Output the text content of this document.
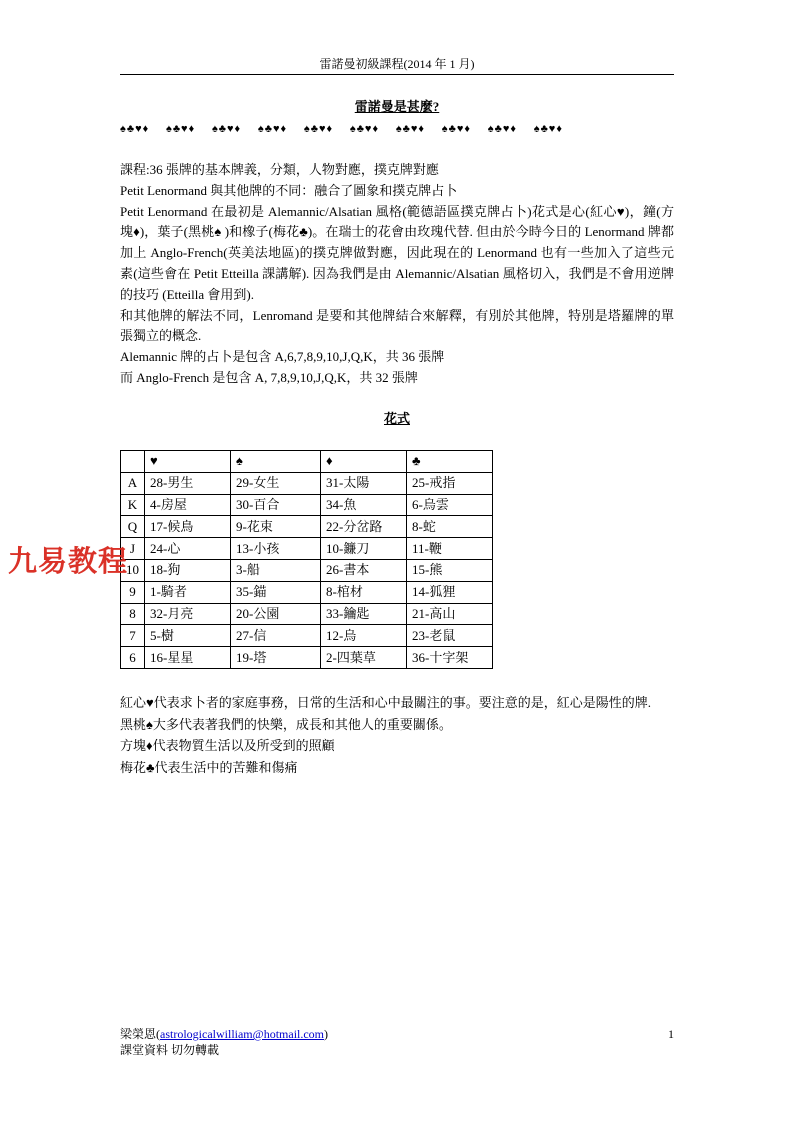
雷諾曼初級課程(2014 年 1 月)
雷諾曼是甚麼?
♠♣♥♦ ♠♣♥♦ ♠♣♥♦ ♠♣♥♦ ♠♣♥♦ ♠♣♥♦ ♠♣♥♦ ♠♣♥♦ ♠♣♥♦ ♠♣♥♦

課程:36 張牌的基本牌義，分類，人物對應，撲克牌對應

Petit Lenormand 與其他牌的不同：融合了圖象和撲克牌占卜

Petit Lenormand 在最初是 Alemannic/Alsatian 風格(範德語區撲克牌占卜)花式是心(紅心♥)，鐘(方塊♦)，葉子(黑桃♠ )和橡子(梅花♣)。在瑞士的花會由玫瑰代替. 但由於今時今日的 Lenormand 牌都加上 Anglo-French(英美法地區)的撲克牌做對應，因此現在的 Lenormand 也有一些加入了這些元素(這些會在 Petit Etteilla 課講解). 因為我們是由 Alemannic/Alsatian 風格切入，我們是不會用逆牌的技巧 (Etteilla 會用到).

和其他牌的解法不同，Lenromand 是要和其他牌結合來解釋，有別於其他牌，特別是塔羅牌的單張獨立的概念.

Alemannic 牌的占卜是包含 A,6,7,8,9,10,J,Q,K，共 36 張牌

而 Anglo-French 是包含 A, 7,8,9,10,J,Q,K，共 32 張牌

花式
	♥	♠	♦	♣
A	28-男生	29-女生	31-太陽	25-戒指
K	4-房屋	30-百合	34-魚	6-烏雲
Q	17-候鳥	9-花束	22-分岔路	8-蛇
J	24-心	13-小孩	10-鐮刀	11-鞭
10	18-狗	3-船	26-書本	15-熊
9	1-騎者	35-錨	8-棺材	14-狐狸
8	32-月亮	20-公園	33-鑰匙	21-高山
7	5-樹	27-信	12-烏	23-老鼠
6	16-星星	19-塔	2-四葉草	36-十字架
九易教程

紅心♥代表求卜者的家庭事務，日常的生活和心中最關注的事。要注意的是，紅心是陽性的牌.

黑桃♠大多代表著我們的快樂，成長和其他人的重要關係。

方塊♦代表物質生活以及所受到的照顧

梅花♣代表生活中的苦難和傷痛

梁榮恩(astrologicalwilliam@hotmail.com)
課堂資料 切勿轉載
1
